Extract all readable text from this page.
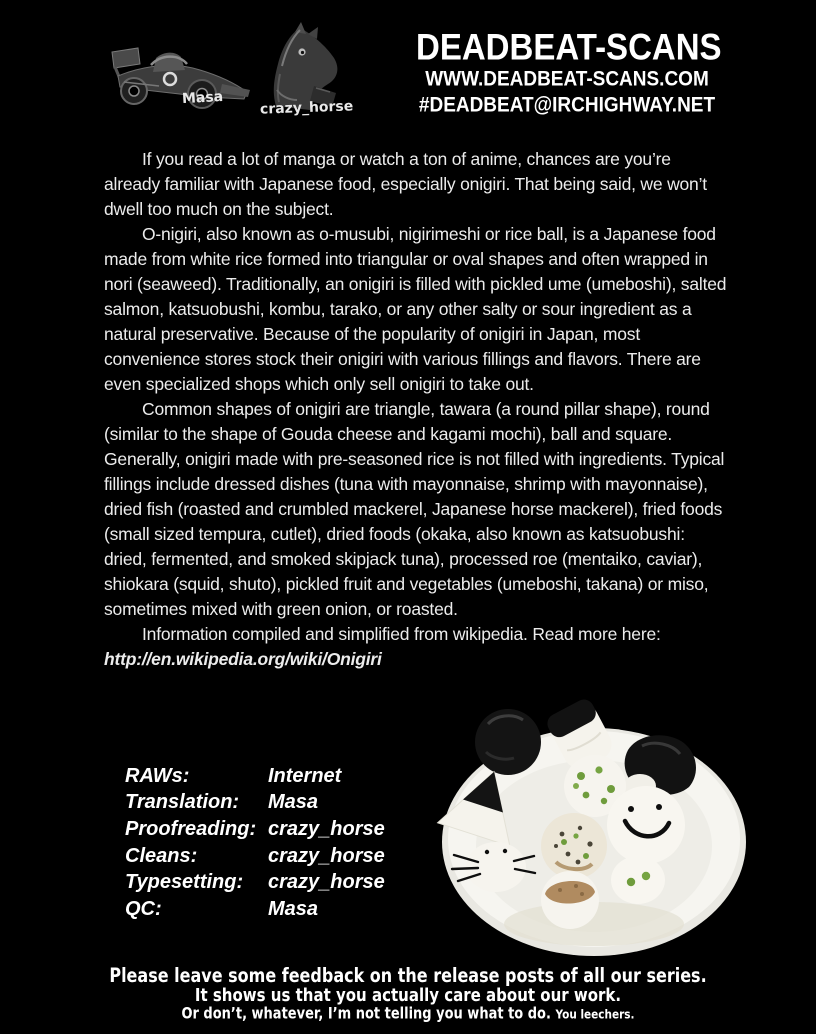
Masa
crazy_horse
DEADBEAT-SCANS
WWW.DEADBEAT-SCANS.COM
#DEADBEAT@IRCHIGHWAY.NET

If you read a lot of manga or watch a ton of anime, chances are you’re already familiar with Japanese food, especially onigiri. That being said, we won’t dwell too much on the subject.

O-nigiri, also known as o-musubi, nigirimeshi or rice ball, is a Japanese food made from white rice formed into triangular or oval shapes and often wrapped in nori (seaweed). Traditionally, an onigiri is filled with pickled ume (umeboshi), salted salmon, katsuobushi, kombu, tarako, or any other salty or sour ingredient as a natural preservative. Because of the popularity of onigiri in Japan, most convenience stores stock their onigiri with various fillings and flavors. There are even specialized shops which only sell onigiri to take out.

Common shapes of onigiri are triangle, tawara (a round pillar shape), round (similar to the shape of Gouda cheese and kagami mochi), ball and square. Generally, onigiri made with pre-seasoned rice is not filled with ingredients. Typical fillings include dressed dishes (tuna with mayonnaise, shrimp with mayonnaise), dried fish (roasted and crumbled mackerel, Japanese horse mackerel), fried foods (small sized tempura, cutlet), dried foods (okaka, also known as katsuobushi: dried, fermented, and smoked skipjack tuna), processed roe (mentaiko, caviar), shiokara (squid, shuto), pickled fruit and vegetables (umeboshi, takana) or miso, sometimes mixed with green onion, or roasted.

Information compiled and simplified from wikipedia. Read more here:

http://en.wikipedia.org/wiki/Onigiri

RAWs:	Internet
Translation:	Masa
Proofreading: crazy_horse
Cleans:	crazy_horse
Typesetting:	crazy_horse
QC:	Masa
Please leave some feedback on the release posts of all our series.
It shows us that you actually care about our work.
Or don’t, whatever, I’m not telling you what to do. You leechers.
